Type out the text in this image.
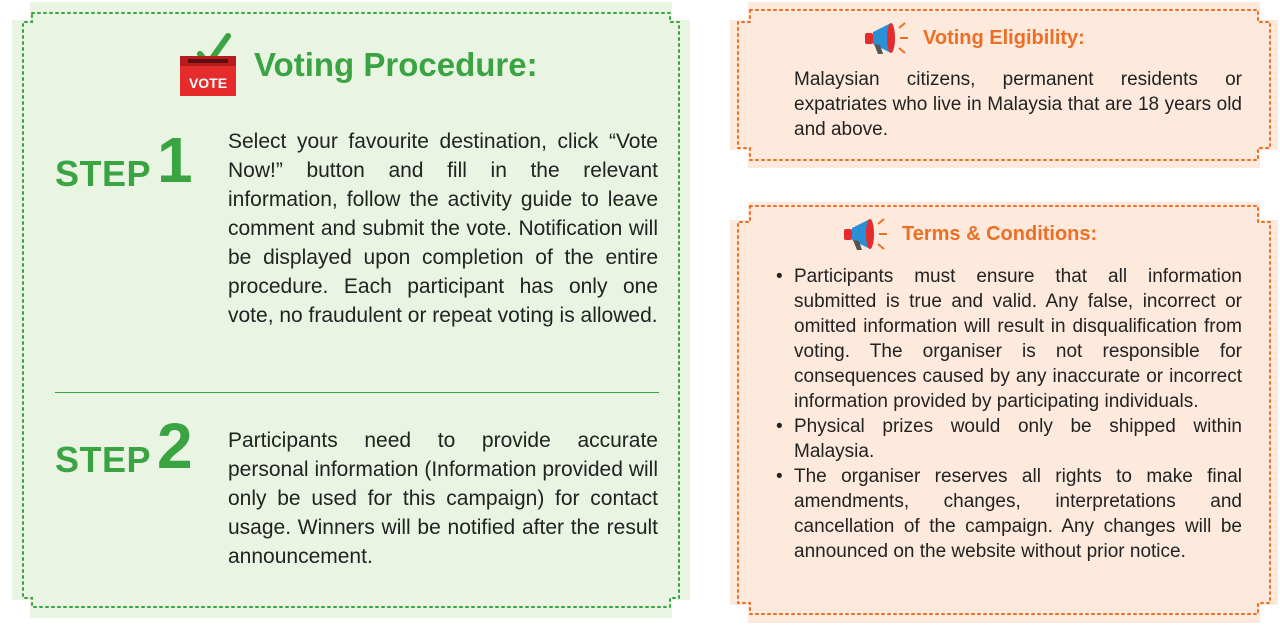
VOTE Voting Procedure:
STEP 1 Select your favourite destination, click “Vote Now!” button and fill in the relevant information, follow the activity guide to leave comment and submit the vote. Notification will be displayed upon completion of the entire procedure. Each participant has only one vote, no fraudulent or repeat voting is allowed.

STEP 2 Participants need to provide accurate personal information (Information provided will only be used for this campaign) for contact usage. Winners will be notified after the result announcement.

Voting Eligibility:

Malaysian citizens, permanent residents or expatriates who live in Malaysia that are 18 years old and above.

Terms & Conditions:
• Participants must ensure that all information submitted is true and valid. Any false, incorrect or omitted information will result in disqualification from voting. The organiser is not responsible for consequences caused by any inaccurate or incorrect information provided by participating individuals.
• Physical prizes would only be shipped within Malaysia.
• The organiser reserves all rights to make final amendments, changes, interpretations and cancellation of the campaign. Any changes will be announced on the website without prior notice.
